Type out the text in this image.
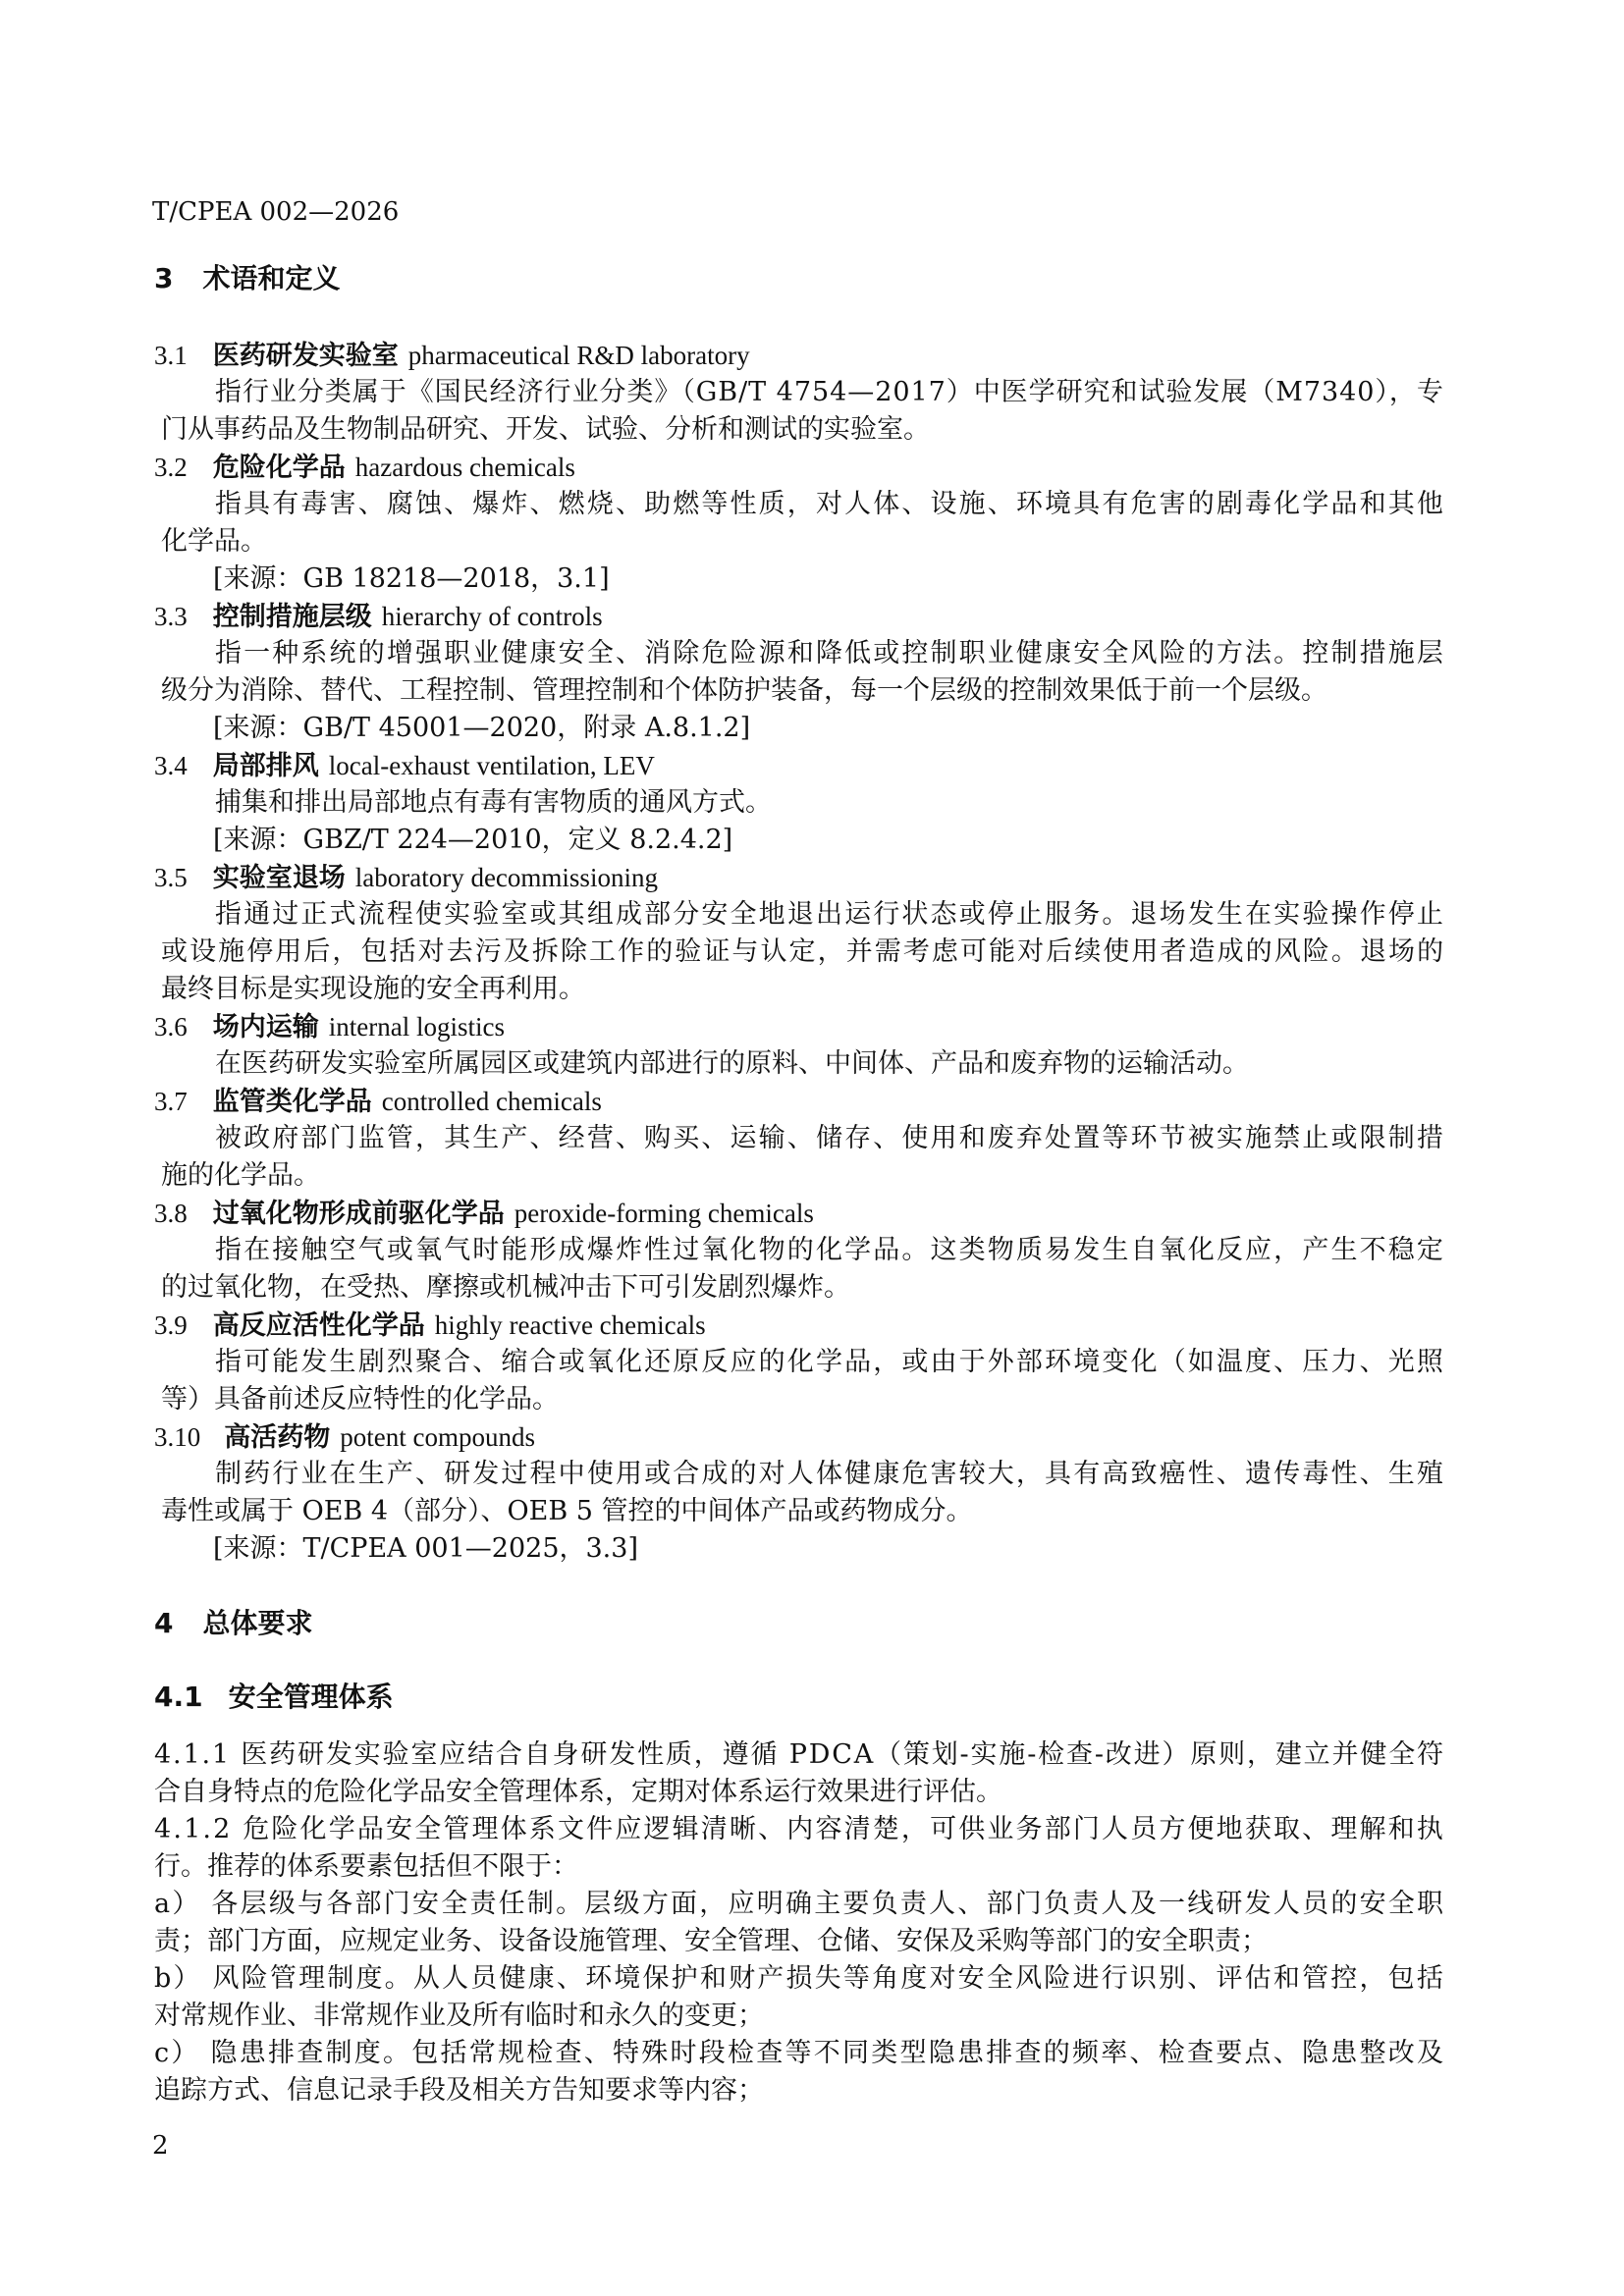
T/CPEA 002—2026
3 术语和定义
3.1 医药研发实验室 pharmaceutical R&D laboratory
指行业分类属于《国民经济行业分类》（GB/T 4754—2017）中医学研究和试验发展（M7340），专
门从事药品及生物制品研究、开发、试验、分析和测试的实验室。
3.2 危险化学品 hazardous chemicals
指具有毒害、腐蚀、爆炸、燃烧、助燃等性质，对人体、设施、环境具有危害的剧毒化学品和其他
化学品。
[来源：GB 18218—2018，3.1]
3.3 控制措施层级 hierarchy of controls
指一种系统的增强职业健康安全、消除危险源和降低或控制职业健康安全风险的方法。控制措施层
级分为消除、替代、工程控制、管理控制和个体防护装备，每一个层级的控制效果低于前一个层级。
[来源：GB/T 45001—2020，附录 A.8.1.2]
3.4 局部排风 local-exhaust ventilation, LEV
捕集和排出局部地点有毒有害物质的通风方式。
[来源：GBZ/T 224—2010，定义 8.2.4.2]
3.5 实验室退场 laboratory decommissioning
指通过正式流程使实验室或其组成部分安全地退出运行状态或停止服务。退场发生在实验操作停止
或设施停用后，包括对去污及拆除工作的验证与认定，并需考虑可能对后续使用者造成的风险。退场的
最终目标是实现设施的安全再利用。
3.6 场内运输 internal logistics
在医药研发实验室所属园区或建筑内部进行的原料、中间体、产品和废弃物的运输活动。
3.7 监管类化学品 controlled chemicals
被政府部门监管，其生产、经营、购买、运输、储存、使用和废弃处置等环节被实施禁止或限制措
施的化学品。
3.8 过氧化物形成前驱化学品 peroxide-forming chemicals
指在接触空气或氧气时能形成爆炸性过氧化物的化学品。这类物质易发生自氧化反应，产生不稳定
的过氧化物，在受热、摩擦或机械冲击下可引发剧烈爆炸。
3.9 高反应活性化学品 highly reactive chemicals
指可能发生剧烈聚合、缩合或氧化还原反应的化学品，或由于外部环境变化（如温度、压力、光照
等）具备前述反应特性的化学品。
3.10 高活药物 potent compounds
制药行业在生产、研发过程中使用或合成的对人体健康危害较大，具有高致癌性、遗传毒性、生殖
毒性或属于 OEB 4（部分）、OEB 5 管控的中间体产品或药物成分。
[来源：T/CPEA 001—2025，3.3]
4 总体要求
4.1 安全管理体系
4.1.1 医药研发实验室应结合自身研发性质，遵循 PDCA（策划-实施-检查-改进）原则，建立并健全符
合自身特点的危险化学品安全管理体系，定期对体系运行效果进行评估。
4.1.2 危险化学品安全管理体系文件应逻辑清晰、内容清楚，可供业务部门人员方便地获取、理解和执
行。推荐的体系要素包括但不限于：
a） 各层级与各部门安全责任制。层级方面，应明确主要负责人、部门负责人及一线研发人员的安全职
责；部门方面，应规定业务、设备设施管理、安全管理、仓储、安保及采购等部门的安全职责；
b） 风险管理制度。从人员健康、环境保护和财产损失等角度对安全风险进行识别、评估和管控，包括
对常规作业、非常规作业及所有临时和永久的变更；
c） 隐患排查制度。包括常规检查、特殊时段检查等不同类型隐患排查的频率、检查要点、隐患整改及
追踪方式、信息记录手段及相关方告知要求等内容；
2
